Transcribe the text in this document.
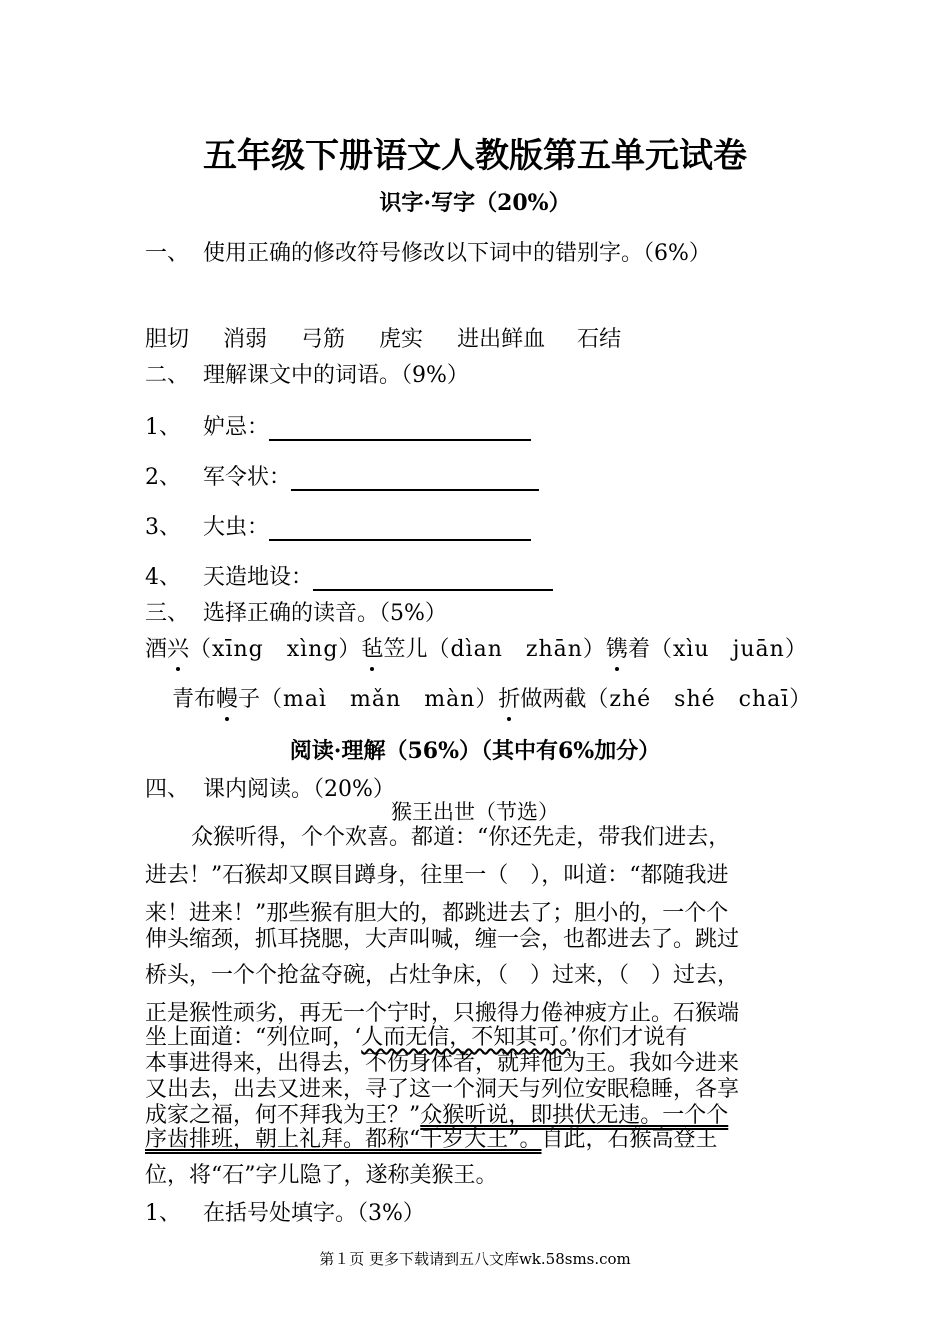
五年级下册语文人教版第五单元试卷
识字·写字（20%）
一、 使用正确的修改符号修改以下词中的错别字。（6%）
胆切 消弱 弓筋 虎实 进出鲜血 石结
二、 理解课文中的词语。（9%）
1、 妒忌：
2、 军令状：
3、 大虫：
4、 天造地设：
三、 选择正确的读音。（5%）
酒兴（xīng　xìng）毡笠儿（dìan　zhān）镌着（xìu　juān）
青布幔子（maì　mǎn　màn）折做两截（zhé　shé　chaī）
阅读·理解（56%）（其中有6%加分）
四、 课内阅读。（20%）
猴王出世（节选）
众猴听得，个个欢喜。都道：“你还先走，带我们进去，
进去！”石猴却又瞑目蹲身，往里一（　），叫道：“都随我进
来！进来！”那些猴有胆大的，都跳进去了；胆小的，一个个
伸头缩颈，抓耳挠腮，大声叫喊，缠一会，也都进去了。跳过
桥头，一个个抢盆夺碗，占灶争床，（　）过来，（　）过去，
正是猴性顽劣，再无一个宁时，只搬得力倦神疲方止。石猴端
坐上面道：“列位呵，‘人而无信，不知其可。’你们才说有
本事进得来，出得去，不伤身体者，就拜他为王。我如今进来
又出去，出去又进来，寻了这一个洞天与列位安眠稳睡，各享
成家之福，何不拜我为王？”众猴听说，即拱伏无违。一个个
序齿排班，朝上礼拜。都称“千岁大王”。自此，石猴高登王
位，将“石”字儿隐了，遂称美猴王。
1、 在括号处填字。（3%）
第１页 更多下载请到五八文库wk.58sms.com
